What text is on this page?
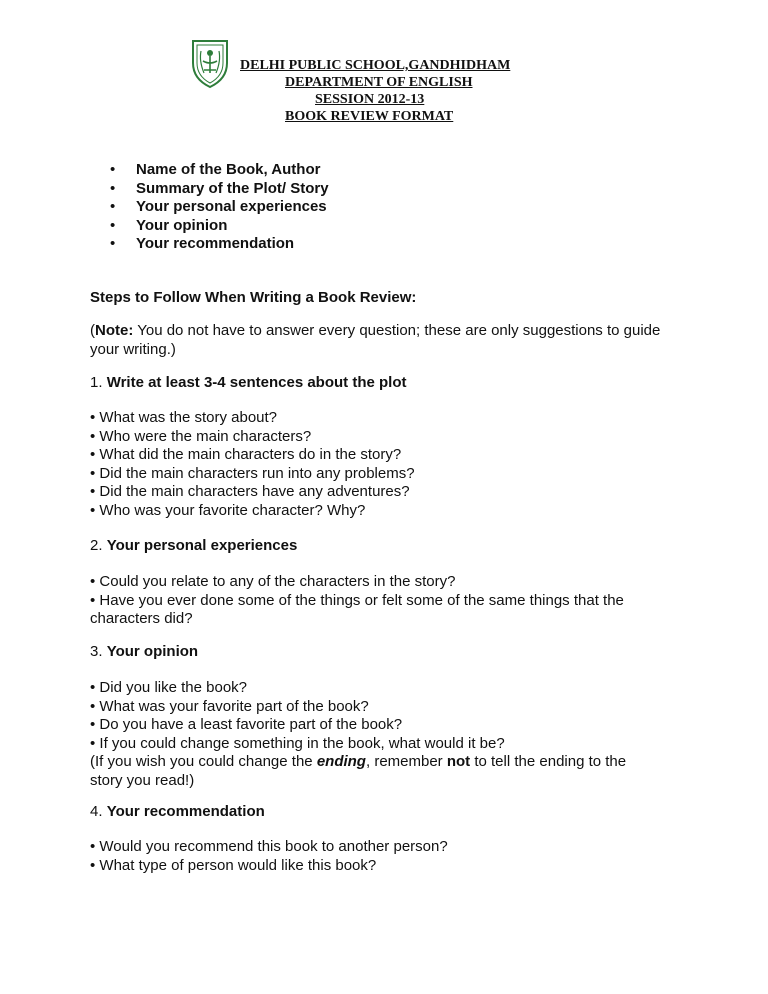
DELHI PUBLIC SCHOOL,GANDHIDHAM
DEPARTMENT OF ENGLISH
SESSION 2012-13
BOOK REVIEW FORMAT
• Name of the Book, Author
• Summary of the Plot/ Story
• Your personal experiences
• Your opinion
• Your recommendation
Steps to Follow When Writing a Book Review:
(Note: You do not have to answer every question; these are only suggestions to guide
your writing.)
1. Write at least 3-4 sentences about the plot
• What was the story about?
• Who were the main characters?
• What did the main characters do in the story?
• Did the main characters run into any problems?
• Did the main characters have any adventures?
• Who was your favorite character? Why?
2. Your personal experiences
• Could you relate to any of the characters in the story?
• Have you ever done some of the things or felt some of the same things that the
characters did?
3. Your opinion
• Did you like the book?
• What was your favorite part of the book?
• Do you have a least favorite part of the book?
• If you could change something in the book, what would it be?
(If you wish you could change the ending, remember not to tell the ending to the
story you read!)
4. Your recommendation
• Would you recommend this book to another person?
• What type of person would like this book?
